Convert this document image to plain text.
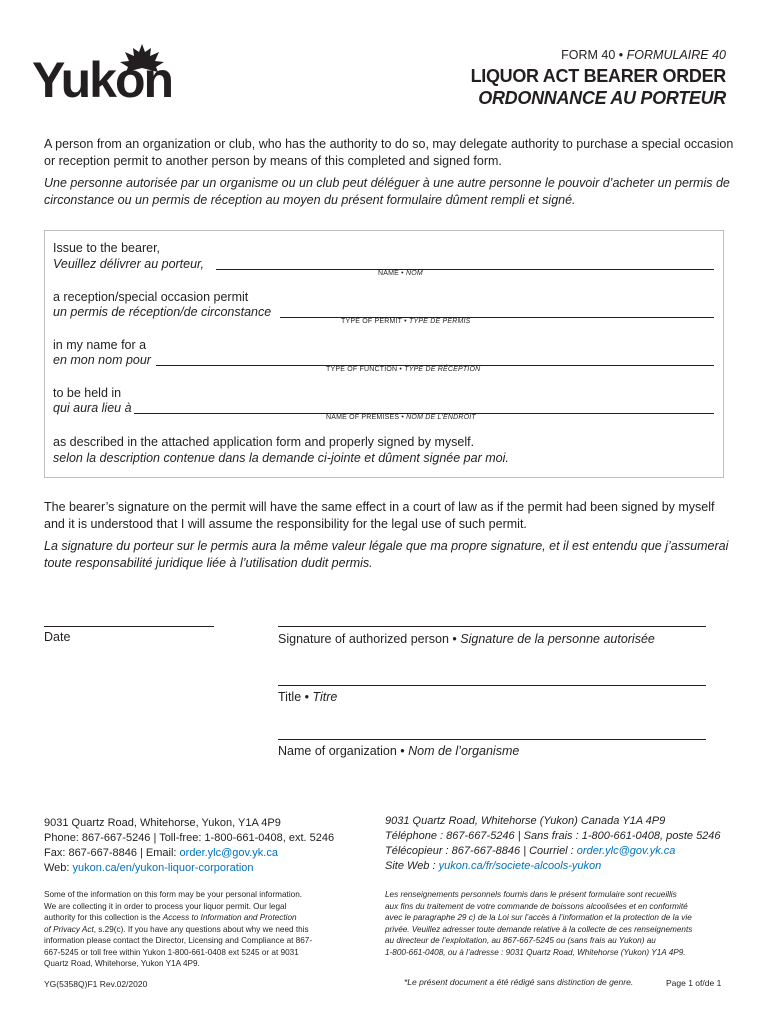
Yukon	FORM 40 • FORMULAIRE 40
LIQUOR ACT BEARER ORDER
ORDONNANCE AU PORTEUR
A person from an organization or club, who has the authority to do so, may delegate authority to purchase a special occasion or reception permit to another person by means of this completed and signed form.
Une personne autorisée par un organisme ou un club peut déléguer à une autre personne le pouvoir d’acheter un permis de circonstance ou un permis de réception au moyen du présent formulaire dûment rempli et signé.
Issue to the bearer,
Veuillez délivrer au porteur,
NAME • NOM
a reception/special occasion permit
un permis de réception/de circonstance
TYPE OF PERMIT • TYPE DE PERMIS
in my name for a
en mon nom pour
TYPE OF FUNCTION • TYPE DE RÉCEPTION
to be held in
qui aura lieu à
NAME OF PREMISES • NOM DE L’ENDROIT
as described in the attached application form and properly signed by myself.
selon la description contenue dans la demande ci-jointe et dûment signée par moi.
The bearer’s signature on the permit will have the same effect in a court of law as if the permit had been signed by myself and it is understood that I will assume the responsibility for the legal use of such permit.
La signature du porteur sur le permis aura la même valeur légale que ma propre signature, et il est entendu que j’assumerai toute responsabilité juridique liée à l’utilisation dudit permis.
Date	Signature of authorized person • Signature de la personne autorisée
Title • Titre
Name of organization • Nom de l’organisme
9031 Quartz Road, Whitehorse, Yukon, Y1A 4P9
Phone: 867-667-5246 | Toll-free: 1-800-661-0408, ext. 5246
Fax: 867-667-8846 | Email: order.ylc@gov.yk.ca
Web: yukon.ca/en/yukon-liquor-corporation
9031 Quartz Road, Whitehorse (Yukon) Canada Y1A 4P9
Téléphone : 867-667-5246 | Sans frais : 1-800-661-0408, poste 5246
Télécopieur : 867-667-8846 | Courriel : order.ylc@gov.yk.ca
Site Web : yukon.ca/fr/societe-alcools-yukon
Some of the information on this form may be your personal information.
We are collecting it in order to process your liquor permit. Our legal
authority for this collection is the Access to Information and Protection
of Privacy Act, s.29(c). If you have any questions about why we need this
information please contact the Director, Licensing and Compliance at 867-
667-5245 or toll free within Yukon 1-800-661-0408 ext 5245 or at 9031
Quartz Road, Whitehorse, Yukon Y1A 4P9.
Les renseignements personnels fournis dans le présent formulaire sont recueillis
aux fins du traitement de votre commande de boissons alcoolisées et en conformité
avec le paragraphe 29 c) de la Loi sur l’accès à l’information et la protection de la vie
privée. Veuillez adresser toute demande relative à la collecte de ces renseignements
au directeur de l’exploitation, au 867-667-5245 ou (sans frais au Yukon) au
1-800-661-0408, ou à l’adresse : 9031 Quartz Road, Whitehorse (Yukon) Y1A 4P9.
YG(5358Q)F1 Rev.02/2020	*Le présent document a été rédigé sans distinction de genre.	Page 1 of/de 1
